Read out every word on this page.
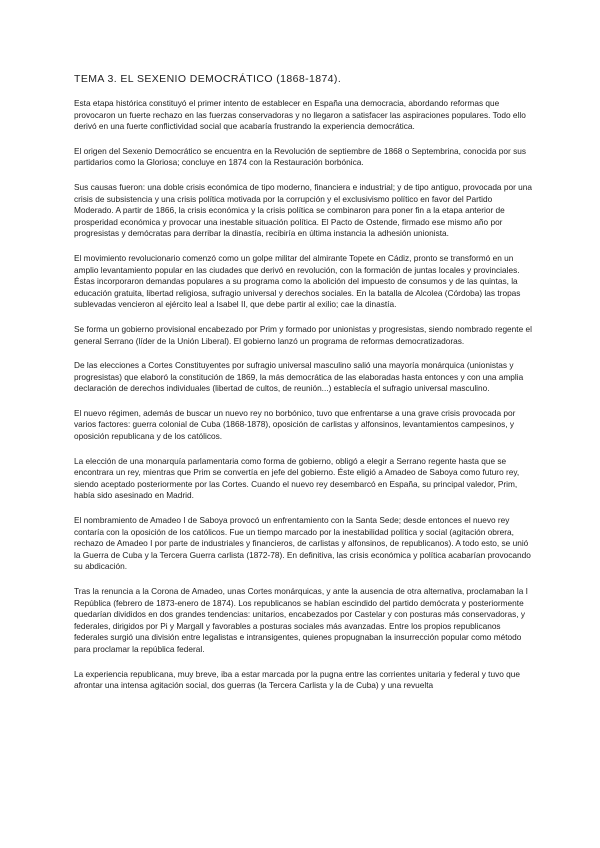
TEMA 3. EL SEXENIO DEMOCRÁTICO (1868-1874).

Esta etapa histórica constituyó el primer intento de establecer en España una democracia, abordando reformas que provocaron un fuerte rechazo en las fuerzas conservadoras y no llegaron a satisfacer las aspiraciones populares. Todo ello derivó en una fuerte conflictividad social que acabaría frustrando la experiencia democrática.

El origen del Sexenio Democrático se encuentra en la Revolución de septiembre de 1868 o Septembrina, conocida por sus partidarios como la Gloriosa; concluye en 1874 con la Restauración borbónica.

Sus causas fueron: una doble crisis económica de tipo moderno, financiera e industrial; y de tipo antiguo, provocada por una crisis de subsistencia y una crisis política motivada por la corrupción y el exclusivismo político en favor del Partido Moderado. A partir de 1866, la crisis económica y la crisis política se combinaron para poner fin a la etapa anterior de prosperidad económica y provocar una inestable situación política. El Pacto de Ostende, firmado ese mismo año por progresistas y demócratas para derribar la dinastía, recibiría en última instancia la adhesión unionista.

El movimiento revolucionario comenzó como un golpe militar del almirante Topete en Cádiz, pronto se transformó en un amplio levantamiento popular en las ciudades que derivó en revolución, con la formación de juntas locales y provinciales. Éstas incorporaron demandas populares a su programa como la abolición del impuesto de consumos y de las quintas, la educación gratuita, libertad religiosa, sufragio universal y derechos sociales. En la batalla de Alcolea (Córdoba) las tropas sublevadas vencieron al ejército leal a Isabel II, que debe partir al exilio; cae la dinastía.

Se forma un gobierno provisional encabezado por Prim y formado por unionistas y progresistas, siendo nombrado regente el general Serrano (líder de la Unión Liberal). El gobierno lanzó un programa de reformas democratizadoras.

De las elecciones a Cortes Constituyentes por sufragio universal masculino salió una mayoría monárquica (unionistas y progresistas) que elaboró la constitución de 1869, la más democrática de las elaboradas hasta entonces y con una amplia declaración de derechos individuales (libertad de cultos, de reunión...) establecía el sufragio universal masculino.

El nuevo régimen, además de buscar un nuevo rey no borbónico, tuvo que enfrentarse a una grave crisis provocada por varios factores: guerra colonial de Cuba (1868-1878), oposición de carlistas y alfonsinos, levantamientos campesinos, y oposición republicana y de los católicos.

La elección de una monarquía parlamentaria como forma de gobierno, obligó a elegir a Serrano regente hasta que se encontrara un rey, mientras que Prim se convertía en jefe del gobierno. Éste eligió a Amadeo de Saboya como futuro rey, siendo aceptado posteriormente por las Cortes. Cuando el nuevo rey desembarcó en España, su principal valedor, Prim, había sido asesinado en Madrid.

El nombramiento de Amadeo I de Saboya provocó un enfrentamiento con la Santa Sede; desde entonces el nuevo rey contaría con la oposición de los católicos. Fue un tiempo marcado por la inestabilidad política y social (agitación obrera, rechazo de Amadeo I por parte de industriales y financieros, de carlistas y alfonsinos, de republicanos). A todo esto, se unió la Guerra de Cuba y la Tercera Guerra carlista (1872-78). En definitiva, las crisis económica y política acabarían provocando su abdicación.

Tras la renuncia a la Corona de Amadeo, unas Cortes monárquicas, y ante la ausencia de otra alternativa, proclamaban la I República (febrero de 1873-enero de 1874). Los republicanos se habían escindido del partido demócrata y posteriormente quedarían divididos en dos grandes tendencias: unitarios, encabezados por Castelar y con posturas más conservadoras, y federales, dirigidos por Pi y Margall y favorables a posturas sociales más avanzadas. Entre los propios republicanos federales surgió una división entre legalistas e intransigentes, quienes propugnaban la insurrección popular como método para proclamar la república federal.

La experiencia republicana, muy breve, iba a estar marcada por la pugna entre las corrientes unitaria y federal y tuvo que afrontar una intensa agitación social, dos guerras (la Tercera Carlista y la de Cuba) y una revuelta
